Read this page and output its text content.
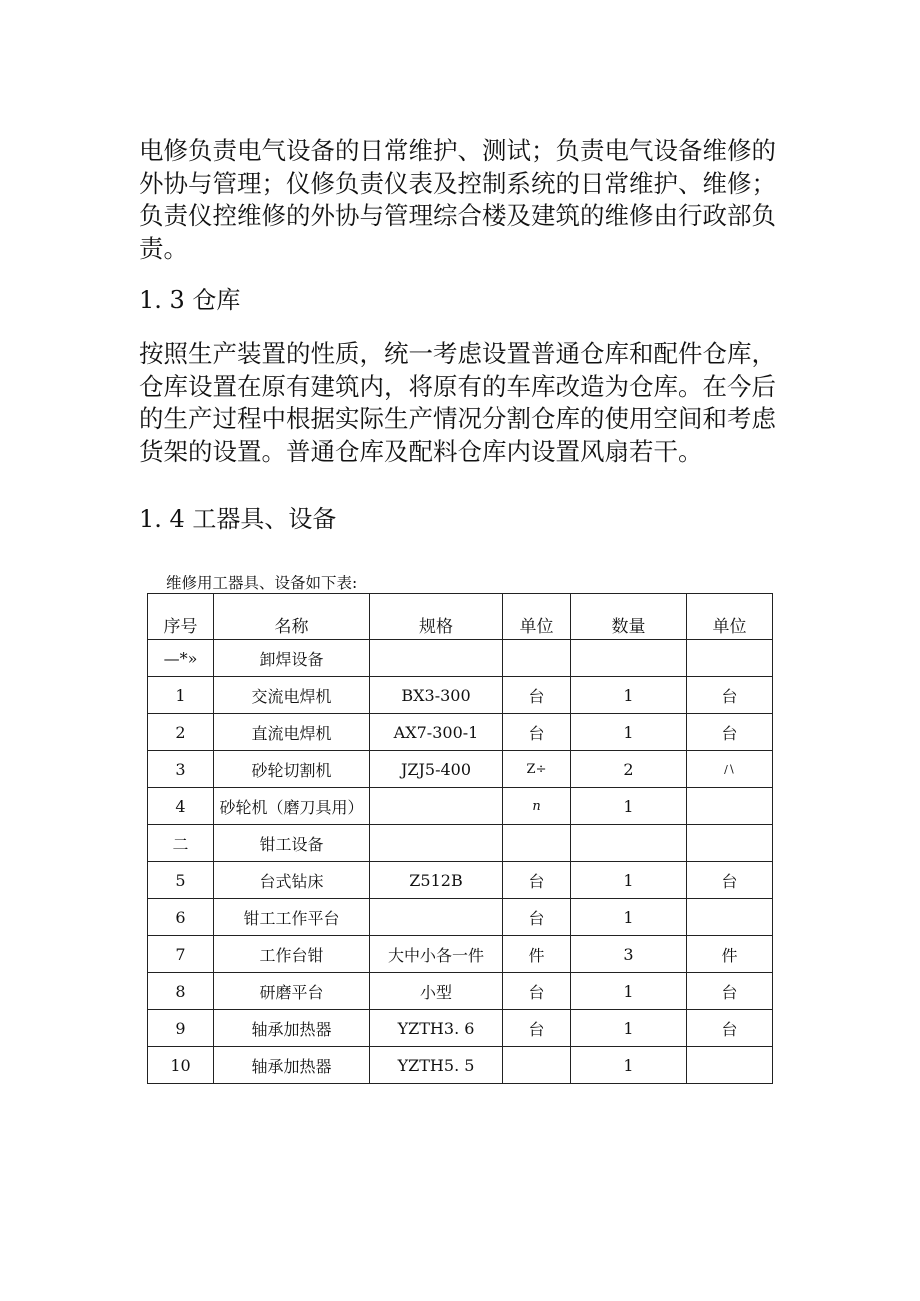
电修负责电气设备的日常维护、测试；负责电气设备维修的
外协与管理；仪修负责仪表及控制系统的日常维护、维修；
负责仪控维修的外协与管理综合楼及建筑的维修由行政部负
责。
1. 3 仓库
按照生产装置的性质，统一考虑设置普通仓库和配件仓库，
仓库设置在原有建筑内，将原有的车库改造为仓库。在今后
的生产过程中根据实际生产情况分割仓库的使用空间和考虑
货架的设置。普通仓库及配料仓库内设置风扇若干。
1. 4 工器具、设备
维修用工器具、设备如下表:
序号	名称	规格	单位	数量	单位
—*»	卸焊设备				
1	交流电焊机	BX3-300	台	1	台
2	直流电焊机	AX7-300-1	台	1	台
3	砂轮切割机	JZJ5-400	Z÷	2	∕∖
4	砂轮机（磨刀具用）		n	1	
二	钳工设备				
5	台式钻床	Z512B	台	1	台
6	钳工工作平台		台	1	
7	工作台钳	大中小各一件	件	3	件
8	研磨平台	小型	台	1	台
9	轴承加热器	YZTH3. 6	台	1	台
10	轴承加热器	YZTH5. 5		1	
